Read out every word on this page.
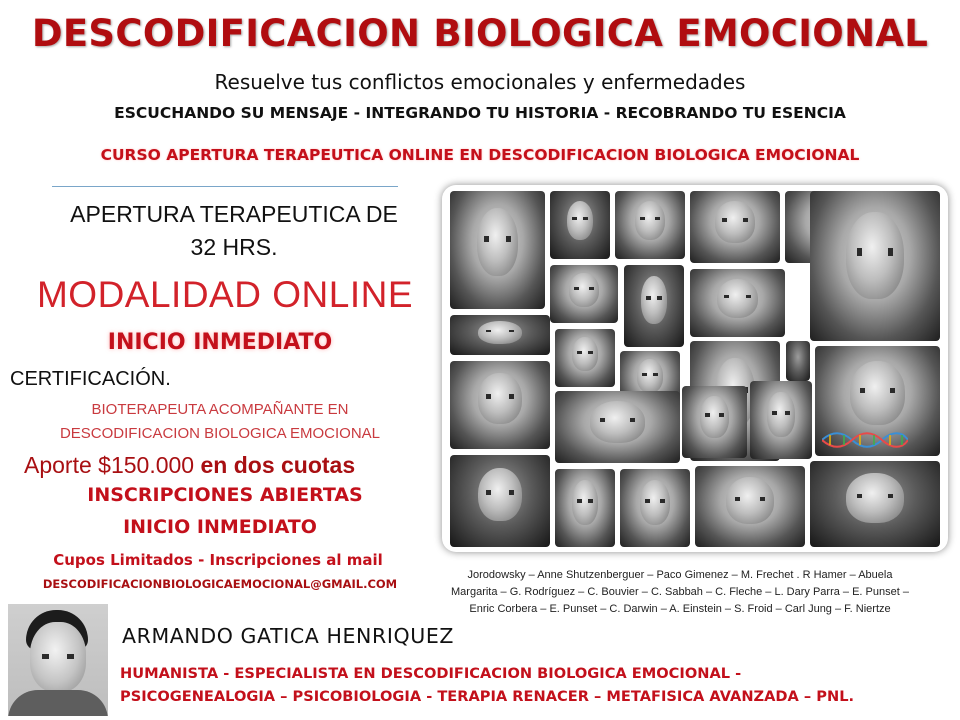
DESCODIFICACION BIOLOGICA EMOCIONAL
Resuelve tus conflictos emocionales y enfermedades
ESCUCHANDO SU MENSAJE - INTEGRANDO TU HISTORIA - RECOBRANDO TU ESENCIA
CURSO APERTURA TERAPEUTICA ONLINE EN DESCODIFICACION BIOLOGICA EMOCIONAL
APERTURA TERAPEUTICA DE
32 HRS.
MODALIDAD ONLINE
INICIO INMEDIATO
CERTIFICACIÓN.
BIOTERAPEUTA ACOMPAÑANTE EN
DESCODIFICACION BIOLOGICA EMOCIONAL
Aporte $150.000 en dos cuotas
INSCRIPCIONES ABIERTAS
INICIO INMEDIATO
Cupos Limitados - Inscripciones al mail
DESCODIFICACIONBIOLOGICAEMOCIONAL@GMAIL.COM
Jorodowsky – Anne Shutzenberguer – Paco Gimenez – M. Frechet . R Hamer – Abuela
Margarita – G. Rodríguez – C. Bouvier – C. Sabbah – C. Fleche – L. Dary Parra – E. Punset –
Enric Corbera – E. Punset – C. Darwin – A. Einstein – S. Froid – Carl Jung – F. Niertze
ARMANDO GATICA HENRIQUEZ
HUMANISTA - ESPECIALISTA EN DESCODIFICACION BIOLOGICA EMOCIONAL -
PSICOGENEALOGIA – PSICOBIOLOGIA - TERAPIA RENACER – METAFISICA AVANZADA – PNL.
